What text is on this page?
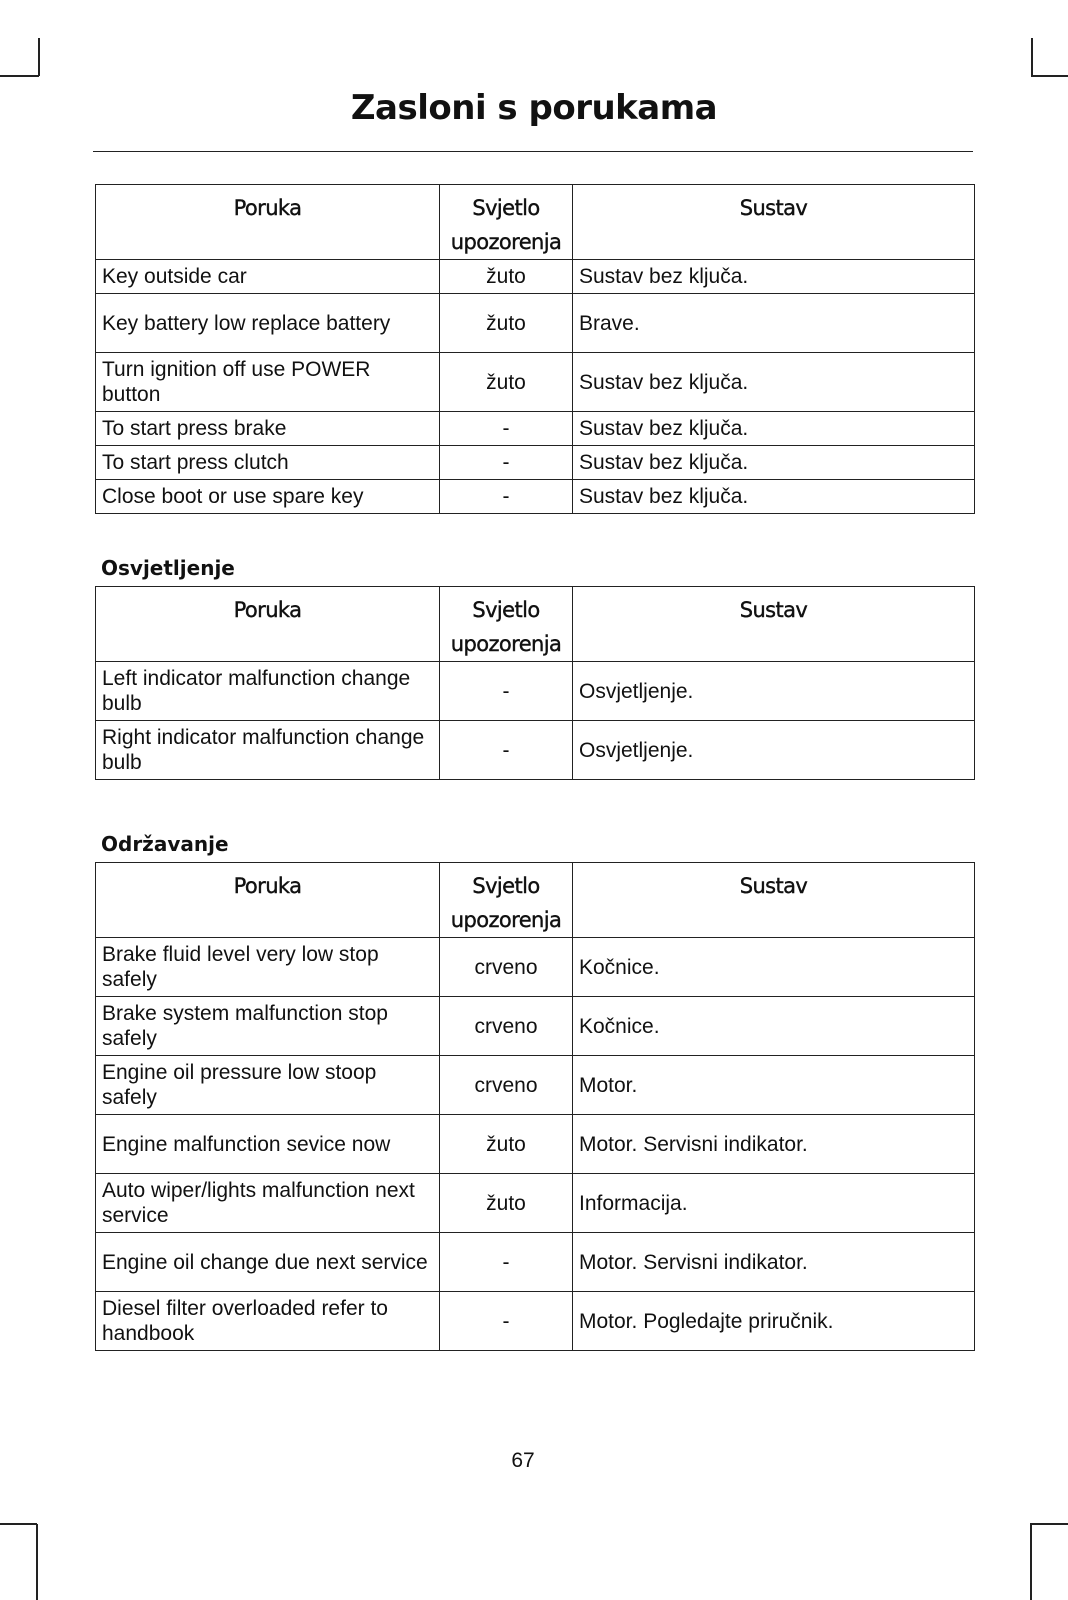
Zasloni s porukama
Poruka	Svjetlo upozorenja	Sustav
Key outside car	žuto	Sustav bez ključa.
Key battery low replace battery	žuto	Brave.
Turn ignition off use POWER button	žuto	Sustav bez ključa.
To start press brake	-	Sustav bez ključa.
To start press clutch	-	Sustav bez ključa.
Close boot or use spare key	-	Sustav bez ključa.
Osvjetljenje
Poruka	Svjetlo upozorenja	Sustav
Left indicator malfunction change bulb	-	Osvjetljenje.
Right indicator malfunction change bulb	-	Osvjetljenje.
Održavanje
Poruka	Svjetlo upozorenja	Sustav
Brake fluid level very low stop safely	crveno	Kočnice.
Brake system malfunction stop safely	crveno	Kočnice.
Engine oil pressure low stoop safely	crveno	Motor.
Engine malfunction sevice now	žuto	Motor. Servisni indikator.
Auto wiper/lights malfunction next service	žuto	Informacija.
Engine oil change due next service	-	Motor. Servisni indikator.
Diesel filter overloaded refer to handbook	-	Motor. Pogledajte priručnik.
67
